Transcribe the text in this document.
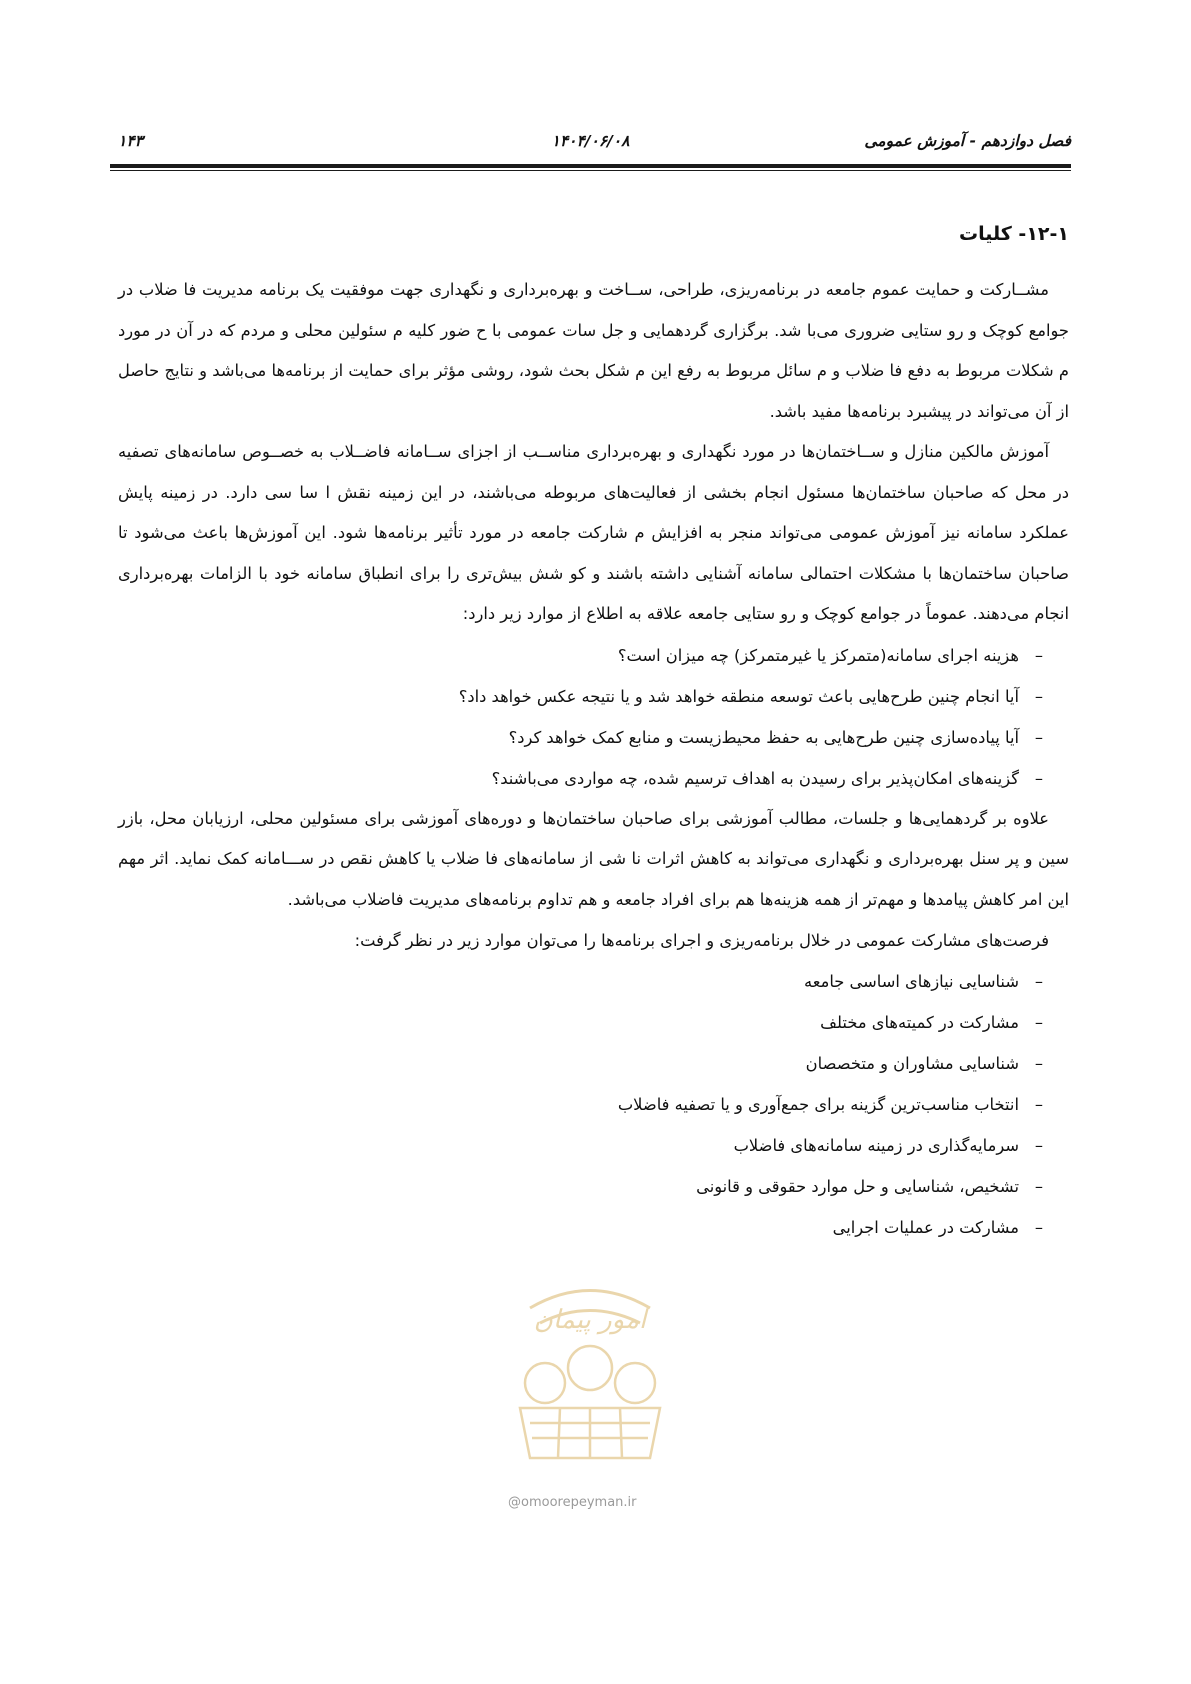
فصل دوازدهم - آموزش عمومی
۱۴۰۴/۰۶/۰۸
۱۴۳
۱۲-۱- کلیات

مشــارکت و حمایت عموم جامعه در برنامه‌ریزی، طراحی، ســاخت و بهره‌برداری و نگهداری جهت موفقیت یک برنامه مدیریت فا ضلاب در جوامع کوچک و رو ستایی ضروری می‌با شد. برگزاری گردهمایی و جل سات عمومی با ح ضور کلیه م سئولین محلی و مردم که در آن در مورد م شکلات مربوط به دفع فا ضلاب و م سائل مربوط به رفع این م شکل بحث شود، روشی مؤثر برای حمایت از برنامه‌ها می‌باشد و نتایج حاصل از آن می‌تواند در پیشبرد برنامه‌ها مفید باشد.

آموزش مالکین منازل و ســاختمان‌ها در مورد نگهداری و بهره‌برداری مناســب از اجزای ســامانه فاضــلاب به خصــوص سامانه‌های تصفیه در محل که صاحبان ساختمان‌ها مسئول انجام بخشی از فعالیت‌های مربوطه می‌باشند، در این زمینه نقش ا سا سی دارد. در زمینه پایش عملکرد سامانه نیز آموزش عمومی می‌تواند منجر به افزایش م شارکت جامعه در مورد تأثیر برنامه‌ها شود. این آموزش‌ها باعث می‌شود تا صاحبان ساختمان‌ها با مشکلات احتمالی سامانه آشنایی داشته باشند و کو شش بیش‌تری را برای انطباق سامانه خود با الزامات بهره‌برداری انجام می‌دهند. عموماً در جوامع کوچک و رو ستایی جامعه علاقه به اطلاع از موارد زیر دارد:

–هزینه اجرای سامانه(متمرکز یا غیرمتمرکز) چه میزان است؟
–آیا انجام چنین طرح‌هایی باعث توسعه منطقه خواهد شد و یا نتیجه عکس خواهد داد؟
–آیا پیاده‌سازی چنین طرح‌هایی به حفظ محیط‌زیست و منابع کمک خواهد کرد؟
–گزینه‌های امکان‌پذیر برای رسیدن به اهداف ترسیم شده، چه مواردی می‌باشند؟

علاوه بر گردهمایی‌ها و جلسات، مطالب آموزشی برای صاحبان ساختمان‌ها و دوره‌های آموزشی برای مسئولین محلی، ارزیابان محل، بازر سین و پر سنل بهره‌برداری و نگهداری می‌تواند به کاهش اثرات نا شی از سامانه‌های فا ضلاب یا کاهش نقص در ســـامانه کمک نماید. اثر مهم این امر کاهش پیامدها و مهم‌تر از همه هزینه‌ها هم برای افراد جامعه و هم تداوم برنامه‌های مدیریت فاضلاب می‌باشد.

فرصت‌های مشارکت عمومی در خلال برنامه‌ریزی و اجرای برنامه‌ها را می‌توان موارد زیر در نظر گرفت:

–شناسایی نیازهای اساسی جامعه
–مشارکت در کمیته‌های مختلف
–شناسایی مشاوران و متخصصان
–انتخاب مناسب‌ترین گزینه برای جمع‌آوری و یا تصفیه فاضلاب
–سرمایه‌گذاری در زمینه سامانه‌های فاضلاب
–تشخیص، شناسایی و حل موارد حقوقی و قانونی
–مشارکت در عملیات اجرایی
امور پیمان
@omoorepeyman.ir
